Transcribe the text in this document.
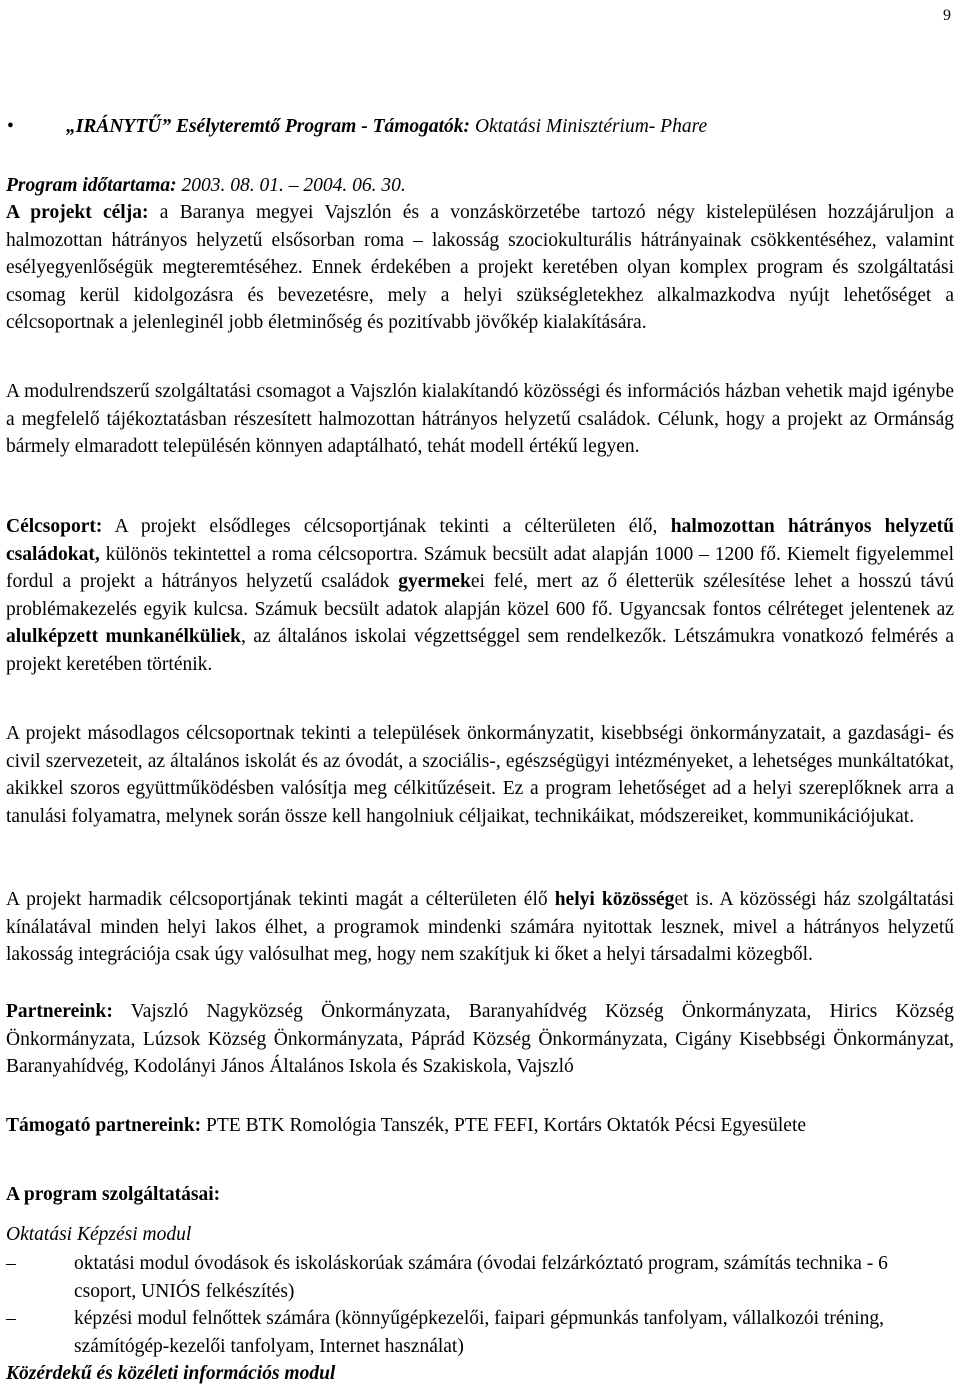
9

•	„IRÁNYTŰ” Esélyteremtő Program - Támogatók: Oktatási Minisztérium- Phare

Program időtartama: 2003. 08. 01. – 2004. 06. 30.

A projekt célja: a Baranya megyei Vajszlón és a vonzáskörzetébe tartozó négy kistelepülésen hozzájáruljon a halmozottan hátrányos helyzetű elsősorban roma – lakosság szociokulturális hátrányainak csökkentéséhez, valamint esélyegyenlőségük megteremtéséhez. Ennek érdekében a projekt keretében olyan komplex program és szolgáltatási csomag kerül kidolgozásra és bevezetésre, mely a helyi szükségletekhez alkalmazkodva nyújt lehetőséget a célcsoportnak a jelenleginél jobb életminőség és pozitívabb jövőkép kialakítására.

A modulrendszerű szolgáltatási csomagot a Vajszlón kialakítandó közösségi és információs házban vehetik majd igénybe a megfelelő tájékoztatásban részesített halmozottan hátrányos helyzetű családok. Célunk, hogy a projekt az Ormánság bármely elmaradott településén könnyen adaptálható, tehát modell értékű legyen.

Célcsoport: A projekt elsődleges célcsoportjának tekinti a célterületen élő, halmozottan hátrányos helyzetű családokat, különös tekintettel a roma célcsoportra. Számuk becsült adat alapján 1000 – 1200 fő. Kiemelt figyelemmel fordul a projekt a hátrányos helyzetű családok gyermekei felé, mert az ő életterük szélesítése lehet a hosszú távú problémakezelés egyik kulcsa. Számuk becsült adatok alapján közel 600 fő. Ugyancsak fontos célréteget jelentenek az alulképzett munkanélküliek, az általános iskolai végzettséggel sem rendelkezők. Létszámukra vonatkozó felmérés a projekt keretében történik.

A projekt másodlagos célcsoportnak tekinti a települések önkormányzatit, kisebbségi önkormányzatait, a gazdasági- és civil szervezeteit, az általános iskolát és az óvodát, a szociális-, egészségügyi intézményeket, a lehetséges munkáltatókat, akikkel szoros együttműködésben valósítja meg célkitűzéseit. Ez a program lehetőséget ad a helyi szereplőknek arra a tanulási folyamatra, melynek során össze kell hangolniuk céljaikat, technikáikat, módszereiket, kommunikációjukat.

A projekt harmadik célcsoportjának tekinti magát a célterületen élő helyi közösséget is. A közösségi ház szolgáltatási kínálatával minden helyi lakos élhet, a programok mindenki számára nyitottak lesznek, mivel a hátrányos helyzetű lakosság integrációja csak úgy valósulhat meg, hogy nem szakítjuk ki őket a helyi társadalmi közegből.

Partnereink: Vajszló Nagyközség Önkormányzata, Baranyahídvég Község Önkormányzata, Hirics Község Önkormányzata, Lúzsok Község Önkormányzata, Páprád Község Önkormányzata, Cigány Kisebbségi Önkormányzat, Baranyahídvég, Kodolányi János Általános Iskola és Szakiskola, Vajszló

Támogató partnereink: PTE BTK Romológia Tanszék, PTE FEFI, Kortárs Oktatók Pécsi Egyesülete

A program szolgáltatásai:

Oktatási Képzési modul

–	oktatási modul óvodások és iskoláskorúak számára (óvodai felzárkóztató program, számítás technika - 6 csoport, UNIÓS felkészítés)

–	képzési modul felnőttek számára (könnyűgépkezelői, faipari gépmunkás tanfolyam, vállalkozói tréning, számítógép-kezelői tanfolyam, Internet használat)

Közérdekű és közéleti információs modul
